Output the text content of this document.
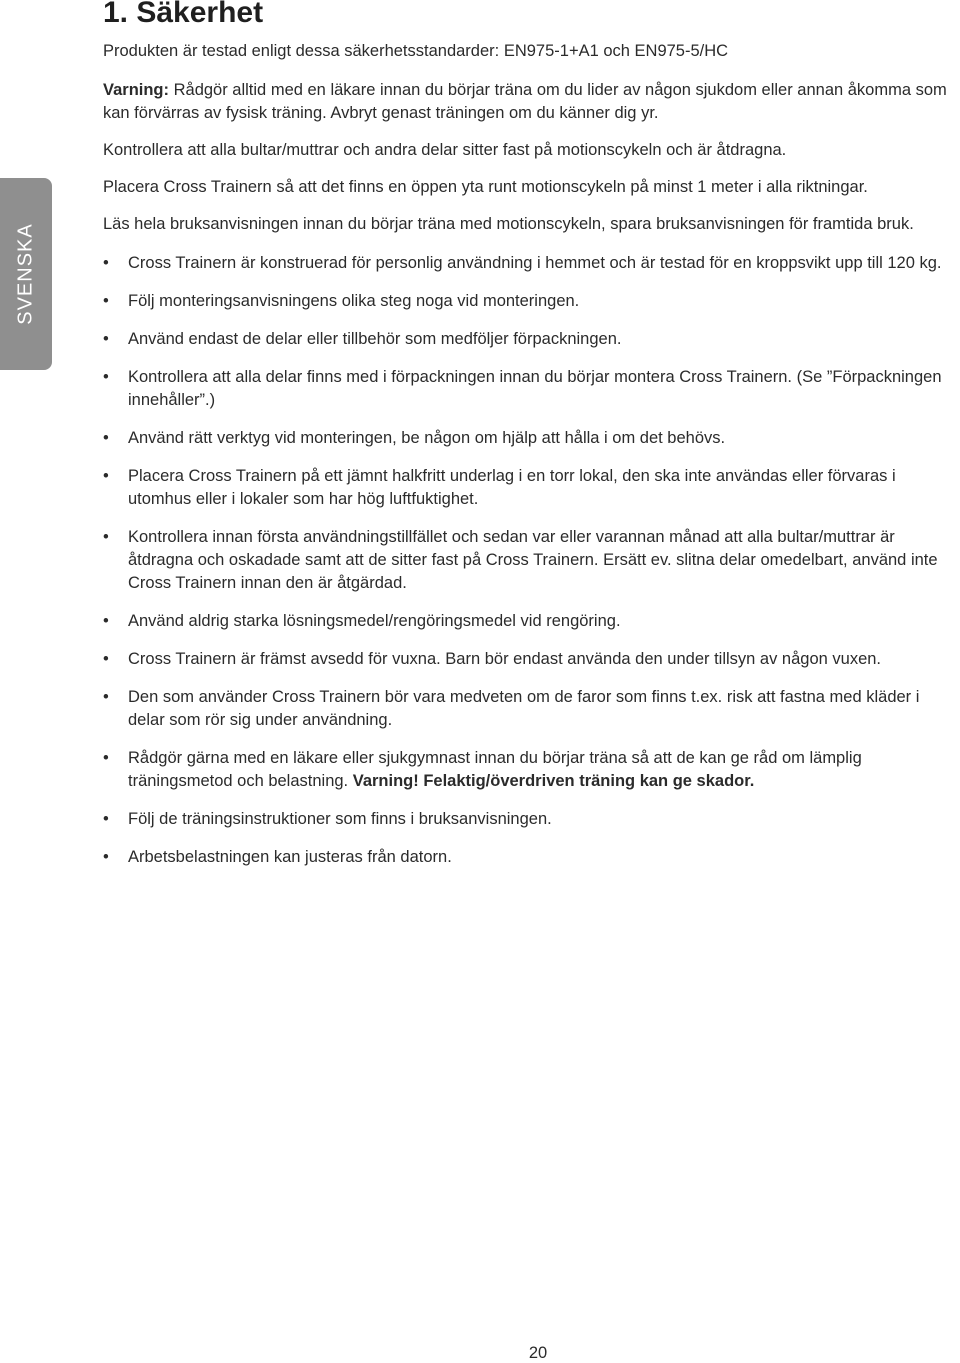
SVENSKA
1. Säkerhet

Produkten är testad enligt dessa säkerhetsstandarder: EN975-1+A1 och EN975-5/HC

Varning: Rådgör alltid med en läkare innan du börjar träna om du lider av någon sjukdom eller annan åkomma som kan förvärras av fysisk träning. Avbryt genast träningen om du känner dig yr.

Kontrollera att alla bultar/muttrar och andra delar sitter fast på motionscykeln och är åtdragna.

Placera Cross Trainern så att det finns en öppen yta runt motionscykeln på minst 1 meter i alla riktningar.

Läs hela bruksanvisningen innan du börjar träna med motionscykeln, spara bruksanvisningen för framtida bruk.

• Cross Trainern är konstruerad för personlig användning i hemmet och är testad för en kroppsvikt upp till 120 kg.
• Följ monteringsanvisningens olika steg noga vid monteringen.
• Använd endast de delar eller tillbehör som medföljer förpackningen.
• Kontrollera att alla delar finns med i förpackningen innan du börjar montera Cross Trainern. (Se ”Förpackningen innehåller”.)
• Använd rätt verktyg vid monteringen, be någon om hjälp att hålla i om det behövs.
• Placera Cross Trainern på ett jämnt halkfritt underlag i en torr lokal, den ska inte användas eller förvaras i utomhus eller i lokaler som har hög luftfuktighet.
• Kontrollera innan första användningstillfället och sedan var eller varannan månad att alla bultar/muttrar är åtdragna och oskadade samt att de sitter fast på Cross Trainern. Ersätt ev. slitna delar omedelbart, använd inte Cross Trainern innan den är åtgärdad.
• Använd aldrig starka lösningsmedel/rengöringsmedel vid rengöring.
• Cross Trainern är främst avsedd för vuxna. Barn bör endast använda den under tillsyn av någon vuxen.
• Den som använder Cross Trainern bör vara medveten om de faror som finns t.ex. risk att fastna med kläder i delar som rör sig under användning.
• Rådgör gärna med en läkare eller sjukgymnast innan du börjar träna så att de kan ge råd om lämplig träningsmetod och belastning. Varning! Felaktig/överdriven träning kan ge skador.
• Följ de träningsinstruktioner som finns i bruksanvisningen.
• Arbetsbelastningen kan justeras från datorn.
20
